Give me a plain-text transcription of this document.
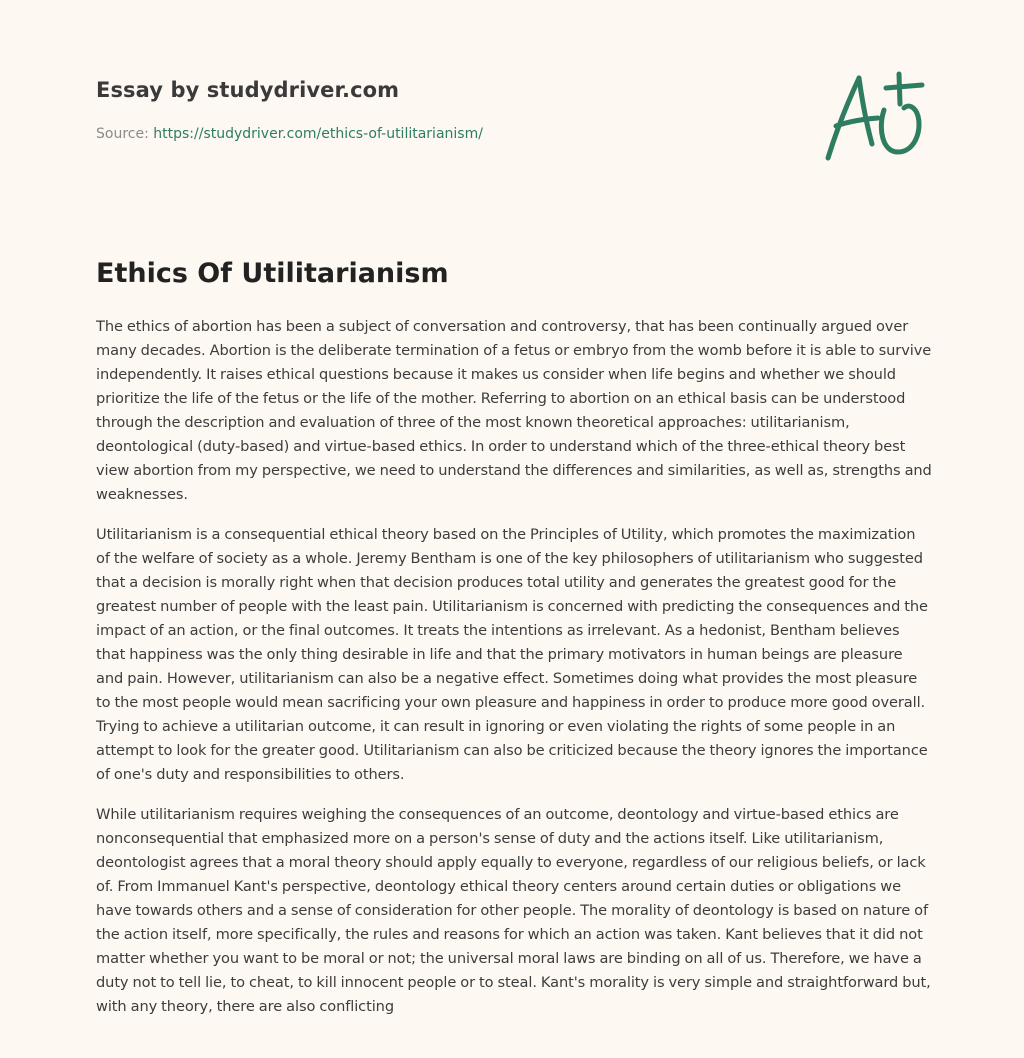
Essay by studydriver.com
Source: https://studydriver.com/ethics-of-utilitarianism/
Ethics Of Utilitarianism

The ethics of abortion has been a subject of conversation and controversy, that has been continually argued over many decades. Abortion is the deliberate termination of a fetus or embryo from the womb before it is able to survive independently. It raises ethical questions because it makes us consider when life begins and whether we should prioritize the life of the fetus or the life of the mother. Referring to abortion on an ethical basis can be understood through the description and evaluation of three of the most known theoretical approaches: utilitarianism, deontological (duty-based) and virtue-based ethics. In order to understand which of the three-ethical theory best view abortion from my perspective, we need to understand the differences and similarities, as well as, strengths and weaknesses.

Utilitarianism is a consequential ethical theory based on the Principles of Utility, which promotes the maximization of the welfare of society as a whole. Jeremy Bentham is one of the key philosophers of utilitarianism who suggested that a decision is morally right when that decision produces total utility and generates the greatest good for the greatest number of people with the least pain. Utilitarianism is concerned with predicting the consequences and the impact of an action, or the final outcomes. It treats the intentions as irrelevant. As a hedonist, Bentham believes that happiness was the only thing desirable in life and that the primary motivators in human beings are pleasure and pain. However, utilitarianism can also be a negative effect. Sometimes doing what provides the most pleasure to the most people would mean sacrificing your own pleasure and happiness in order to produce more good overall. Trying to achieve a utilitarian outcome, it can result in ignoring or even violating the rights of some people in an attempt to look for the greater good. Utilitarianism can also be criticized because the theory ignores the importance of one's duty and responsibilities to others.

While utilitarianism requires weighing the consequences of an outcome, deontology and virtue-based ethics are nonconsequential that emphasized more on a person's sense of duty and the actions itself. Like utilitarianism, deontologist agrees that a moral theory should apply equally to everyone, regardless of our religious beliefs, or lack of. From Immanuel Kant's perspective, deontology ethical theory centers around certain duties or obligations we have towards others and a sense of consideration for other people. The morality of deontology is based on nature of the action itself, more specifically, the rules and reasons for which an action was taken. Kant believes that it did not matter whether you want to be moral or not; the universal moral laws are binding on all of us. Therefore, we have a duty not to tell lie, to cheat, to kill innocent people or to steal. Kant's morality is very simple and straightforward but, with any theory, there are also conflicting
